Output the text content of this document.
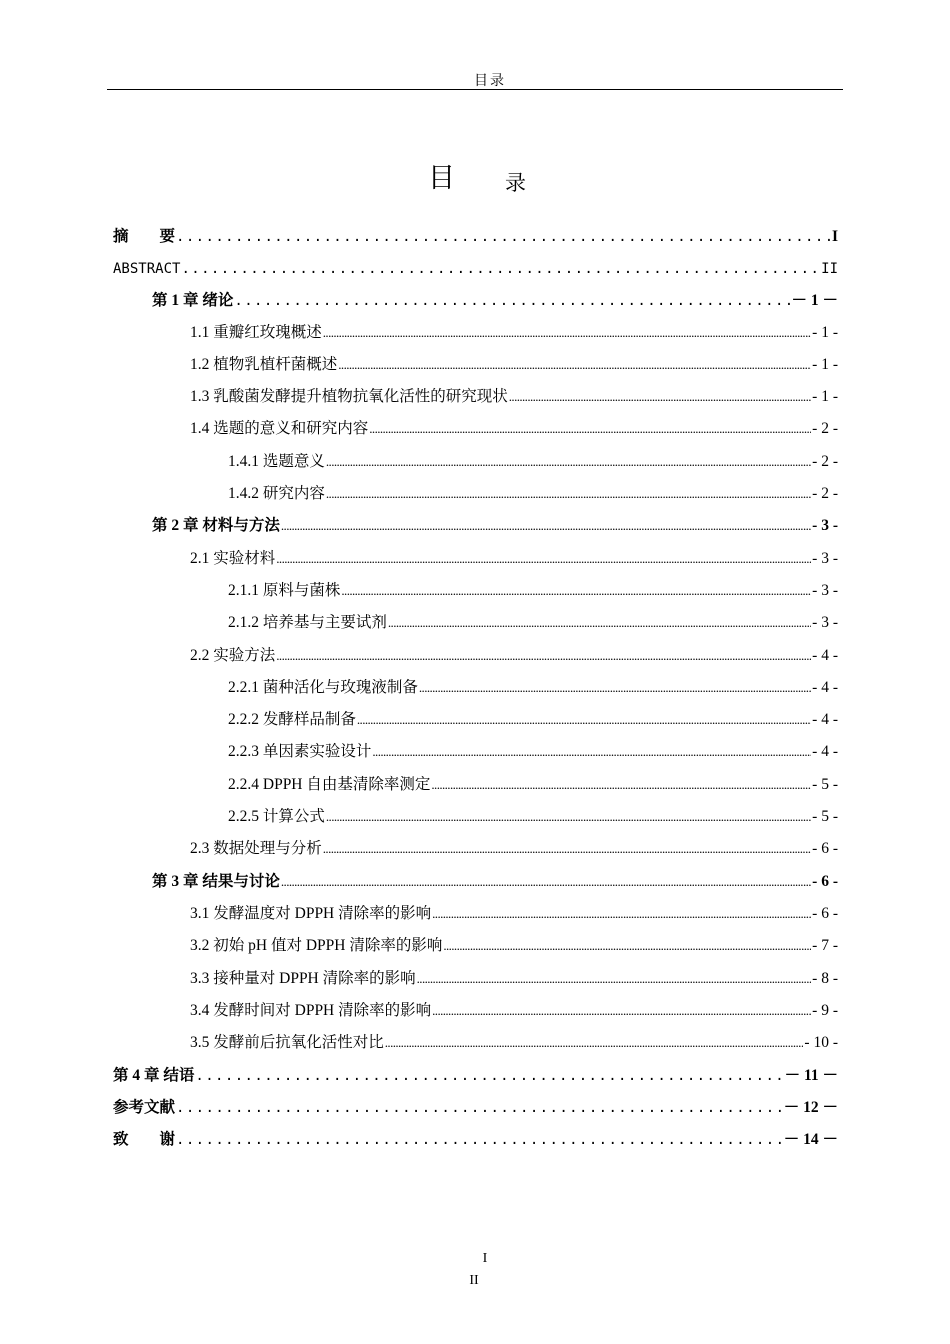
目录
目 录
摘　　要 .....	I
ABSTRACT .....	II
第 1 章 绪论 .....	－ 1 －
1.1 重瓣红玫瑰概述 .....	- 1 -
1.2 植物乳植杆菌概述 .....	- 1 -
1.3 乳酸菌发酵提升植物抗氧化活性的研究现状 .....	- 1 -
1.4 选题的意义和研究内容 .....	- 2 -
1.4.1 选题意义 .....	- 2 -
1.4.2 研究内容 .....	- 2 -
第 2 章 材料与方法 .....	- 3 -
2.1 实验材料 .....	- 3 -
2.1.1 原料与菌株 .....	- 3 -
2.1.2 培养基与主要试剂 .....	- 3 -
2.2 实验方法 .....	- 4 -
2.2.1 菌种活化与玫瑰液制备 .....	- 4 -
2.2.2 发酵样品制备 .....	- 4 -
2.2.3 单因素实验设计 .....	- 4 -
2.2.4 DPPH 自由基清除率测定 .....	- 5 -
2.2.5 计算公式 .....	- 5 -
2.3 数据处理与分析 .....	- 6 -
第 3 章 结果与讨论 .....	- 6 -
3.1 发酵温度对 DPPH 清除率的影响 .....	- 6 -
3.2 初始 pH 值对 DPPH 清除率的影响 .....	- 7 -
3.3 接种量对 DPPH 清除率的影响 .....	- 8 -
3.4 发酵时间对 DPPH 清除率的影响 .....	- 9 -
3.5 发酵前后抗氧化活性对比 .....	- 10 -
第 4 章 结语 .....	－ 11 －
参考文献 .....	－ 12 －
致　　谢 .....	－ 14 －
I
II
